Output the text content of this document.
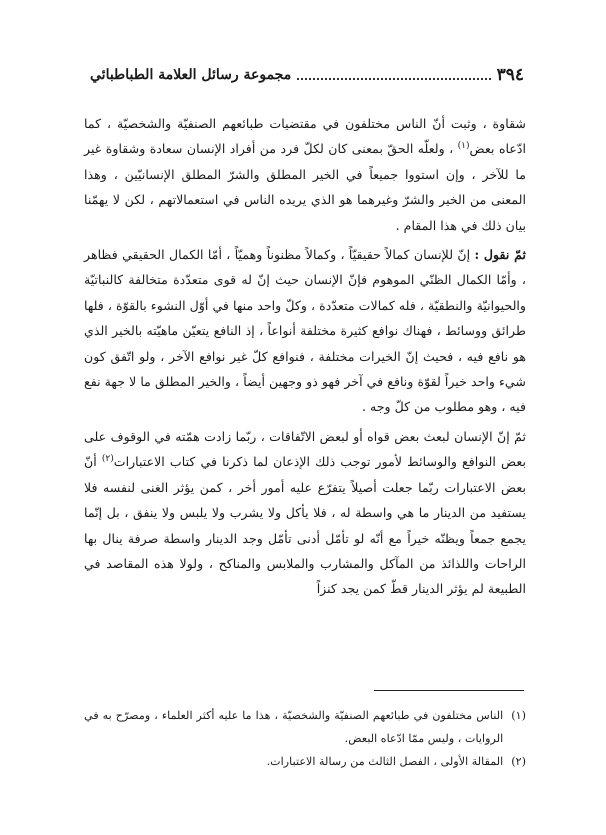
٣٩٤
مجموعة رسائل العلامة الطباطبائي

شقاوة ، وثبت أنّ الناس مختلفون في مقتضيات طبائعهم الصنفيّة والشخصيّة ، كما ادّعاه بعض$^{(١)}$ ، ولعلّه الحقّ بمعنى كان لكلّ فرد من أفراد الإنسان سعادة وشقاوة غير ما للآخر ، وإن استووا جميعاً في الخير المطلق والشرّ المطلق الإنسانيّين ، وهذا المعنى من الخير والشرّ وغيرهما هو الذي يريده الناس في استعمالاتهم ، لكن لا يهمّنا بيان ذلك في هذا المقام .

ثمّ نقول : إنّ للإنسان كمالاً حقيقيّاً ، وكمالاً مظنوناً وهميّاً ، أمّا الكمال الحقيقي فظاهر ، وأمّا الكمال الظنّي الموهوم فإنّ الإنسان حيث إنّ له قوى متعدّدة متخالفة كالنباتيّة والحيوانيّة والنطقيّة ، فله كمالات متعدّدة ، وكلّ واحد منها في أوّل النشوء بالقوّة ، فلها طرائق ووسائط ، فهناك نوافع كثيرة مختلفة أنواعاً ، إذ النافع يتعيّن ماهيّته بالخير الذي هو نافع فيه ، فحيث إنّ الخيرات مختلفة ، فنوافع كلّ غير نوافع الآخر ، ولو اتّفق كون شيء واحد خيراً لقوّة ونافع في آخر فهو ذو وجهين أيضاً ، والخير المطلق ما لا جهة نفع فيه ، وهو مطلوب من كلّ وجه .

ثمّ إنّ الإنسان لبعث بعض قواه أو لبعض الاتّفاقات ، ربّما زادت همّته في الوقوف على بعض النوافع والوسائط لأمور توجب ذلك الإذعان لما ذكرنا في كتاب الاعتبارات$^{(٢)}$ أنّ بعض الاعتبارات ربّما جعلت أصيلاً يتفرّع عليه أمور أخر ، كمن يؤثر الغنى لنفسه فلا يستفيد من الدينار ما هي واسطة له ، فلا يأكل ولا يشرب ولا يلبس ولا ينفق ، بل إنّما يجمع جمعاً ويظنّه خيراً مع أنّه لو تأمّل أدنى تأمّل وجد الدينار واسطة صرفة ينال بها الراحات واللذائذ من المآكل والمشارب والملابس والمناكح ، ولولا هذه المقاصد في الطبيعة لم يؤثر الدينار قطّ كمن يجد كنزاً

(١)
الناس مختلفون في طبائعهم الصنفيّة والشخصيّة ، هذا ما عليه أكثر العلماء ، ومصرّح به في الروايات ، وليس ممّا ادّعاه البعض.

(٢)
المقالة الأولى ، الفصل الثالث من رسالة الاعتبارات.
